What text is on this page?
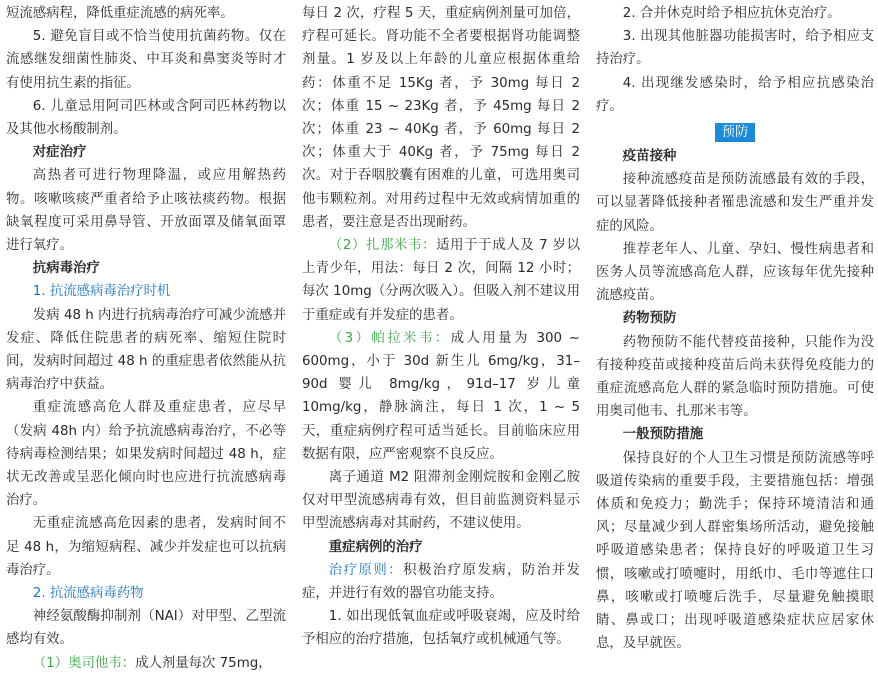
短流感病程，降低重症流感的病死率。

5. 避免盲目或不恰当使用抗菌药物。仅在流感继发细菌性肺炎、中耳炎和鼻窦炎等时才有使用抗生素的指征。

6. 儿童忌用阿司匹林或含阿司匹林药物以及其他水杨酸制剂。

对症治疗

高热者可进行物理降温，或应用解热药物。咳嗽咳痰严重者给予止咳祛痰药物。根据缺氧程度可采用鼻导管、开放面罩及储氧面罩进行氧疗。

抗病毒治疗

1. 抗流感病毒治疗时机

发病 48 h 内进行抗病毒治疗可减少流感并发症、降低住院患者的病死率、缩短住院时间，发病时间超过 48 h 的重症患者依然能从抗病毒治疗中获益。

重症流感高危人群及重症患者，应尽早（发病 48h 内）给予抗流感病毒治疗，不必等待病毒检测结果；如果发病时间超过 48 h，症状无改善或呈恶化倾向时也应进行抗流感病毒治疗。

无重症流感高危因素的患者，发病时间不足 48 h，为缩短病程、减少并发症也可以抗病毒治疗。

2. 抗流感病毒药物

神经氨酸酶抑制剂（NAI）对甲型、乙型流感均有效。

（1）奥司他韦：成人剂量每次 75mg，

每日 2 次，疗程 5 天，重症病例剂量可加倍，疗程可延长。肾功能不全者要根据肾功能调整剂量。1 岁及以上年龄的儿童应根据体重给药：体重不足 15Kg 者，予 30mg 每日 2 次；体重 15 ~ 23Kg 者，予 45mg 每日 2 次；体重 23 ~ 40Kg 者，予 60mg 每日 2 次；体重大于 40Kg 者，予 75mg 每日 2 次。对于吞咽胶囊有困难的儿童，可选用奥司他韦颗粒剂。对用药过程中无效或病情加重的患者，要注意是否出现耐药。

（2）扎那米韦：适用于于成人及 7 岁以上青少年，用法：每日 2 次，间隔 12 小时；每次 10mg（分两次吸入）。但吸入剂不建议用于重症或有并发症的患者。

（3）帕拉米韦：成人用量为 300 ~ 600mg，小于 30d 新生儿 6mg/kg，31–90d 婴儿 8mg/kg，91d–17 岁儿童 10mg/kg，静脉滴注，每日 1 次，1 ~ 5 天，重症病例疗程可适当延长。目前临床应用数据有限，应严密观察不良反应。

离子通道 M2 阻滞剂金刚烷胺和金刚乙胺仅对甲型流感病毒有效，但目前监测资料显示甲型流感病毒对其耐药，不建议使用。

重症病例的治疗

治疗原则：积极治疗原发病，防治并发症，并进行有效的器官功能支持。

1. 如出现低氧血症或呼吸衰竭，应及时给予相应的治疗措施，包括氧疗或机械通气等。

2. 合并休克时给予相应抗休克治疗。

3. 出现其他脏器功能损害时，给予相应支持治疗。

4. 出现继发感染时，给予相应抗感染治疗。

预防

疫苗接种

接种流感疫苗是预防流感最有效的手段，可以显著降低接种者罹患流感和发生严重并发症的风险。

推荐老年人、儿童、孕妇、慢性病患者和医务人员等流感高危人群，应该每年优先接种流感疫苗。

药物预防

药物预防不能代替疫苗接种，只能作为没有接种疫苗或接种疫苗后尚未获得免疫能力的重症流感高危人群的紧急临时预防措施。可使用奥司他韦、扎那米韦等。

一般预防措施

保持良好的个人卫生习惯是预防流感等呼吸道传染病的重要手段，主要措施包括：增强体质和免疫力；勤洗手；保持环境清洁和通风；尽量减少到人群密集场所活动，避免接触呼吸道感染患者；保持良好的呼吸道卫生习惯，咳嗽或打喷嚏时，用纸巾、毛巾等遮住口鼻，咳嗽或打喷嚏后洗手，尽量避免触摸眼睛、鼻或口；出现呼吸道感染症状应居家休息，及早就医。
